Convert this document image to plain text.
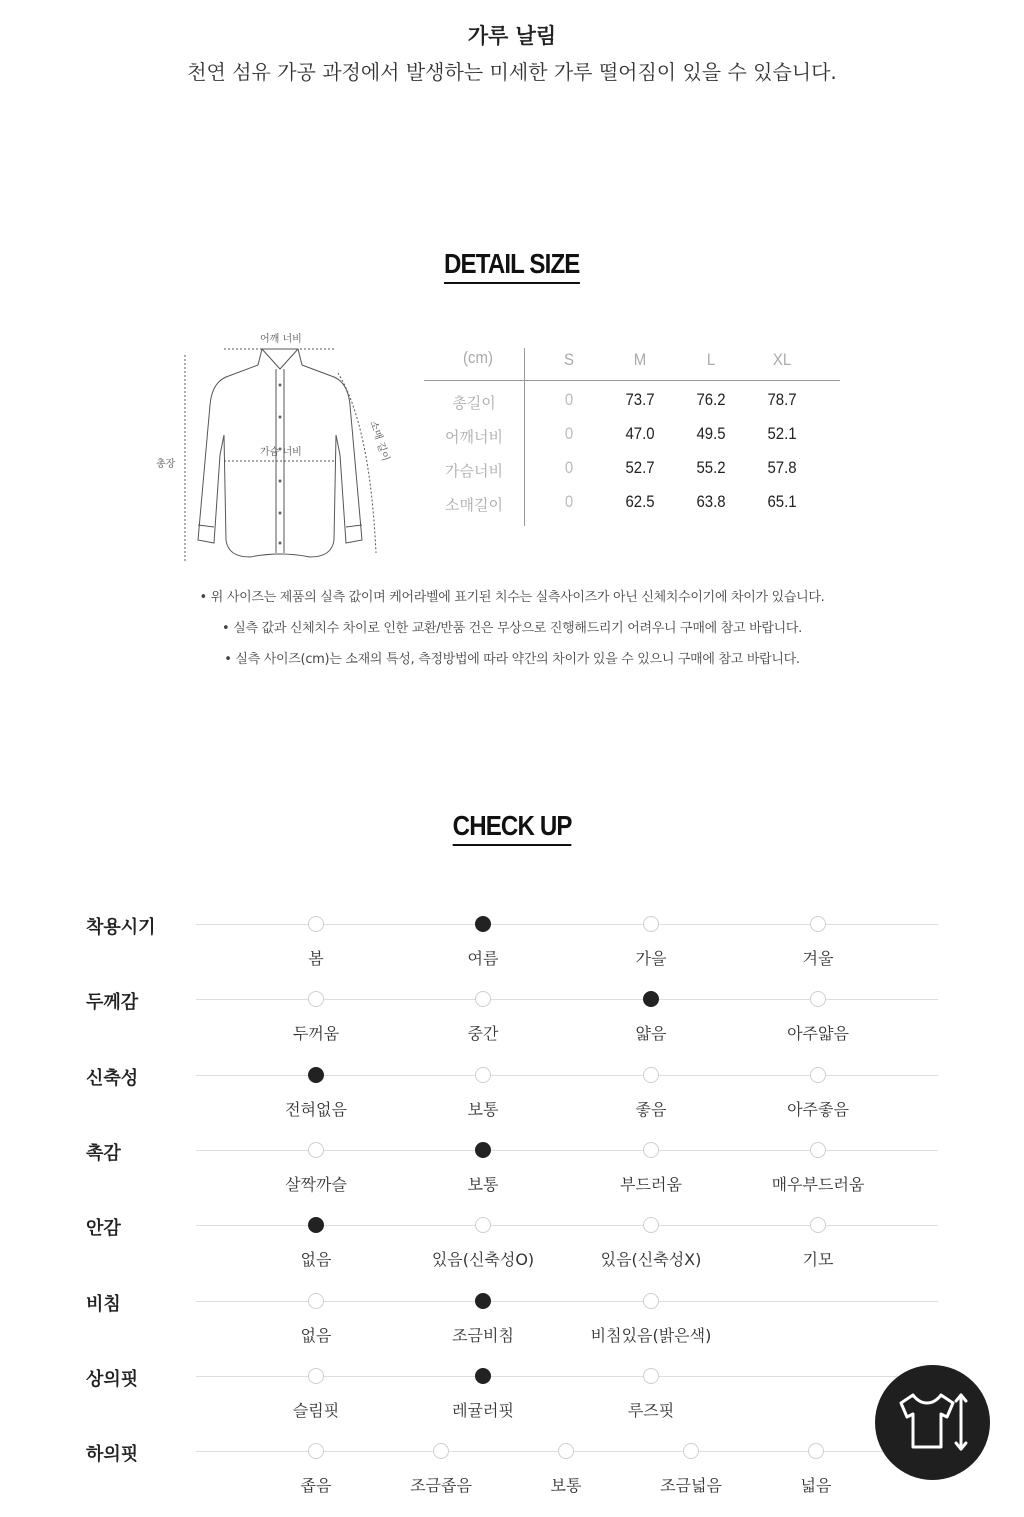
가루 날림
천연 섬유 가공 과정에서 발생하는 미세한 가루 떨어짐이 있을 수 있습니다.
DETAIL SIZE
어깨 너비
가슴 너비
총장
소매 길이
(cm)	S	M	L	XL
총길이	0	73.7	76.2	78.7
어깨너비	0	47.0	49.5	52.1
가슴너비	0	52.7	55.2	57.8
소매길이	0	62.5	63.8	65.1
• 위 사이즈는 제품의 실측 값이며 케어라벨에 표기된 치수는 실측사이즈가 아닌 신체치수이기에 차이가 있습니다.
• 실측 값과 신체치수 차이로 인한 교환/반품 건은 무상으로 진행해드리기 어려우니 구매에 참고 바랍니다.
• 실측 사이즈(cm)는 소재의 특성, 측정방법에 따라 약간의 차이가 있을 수 있으니 구매에 참고 바랍니다.
CHECK UP
착용시기
봄	여름	가을	겨울
두께감
두꺼움	중간	얇음	아주얇음
신축성
전혀없음	보통	좋음	아주좋음
촉감
살짝까슬	보통	부드러움	매우부드러움
안감
없음	있음(신축성O)	있음(신축성X)	기모
비침
없음	조금비침	비침있음(밝은색)
상의핏
슬림핏	레귤러핏	루즈핏
하의핏
좁음	조금좁음	보통	조금넓음	넓음
